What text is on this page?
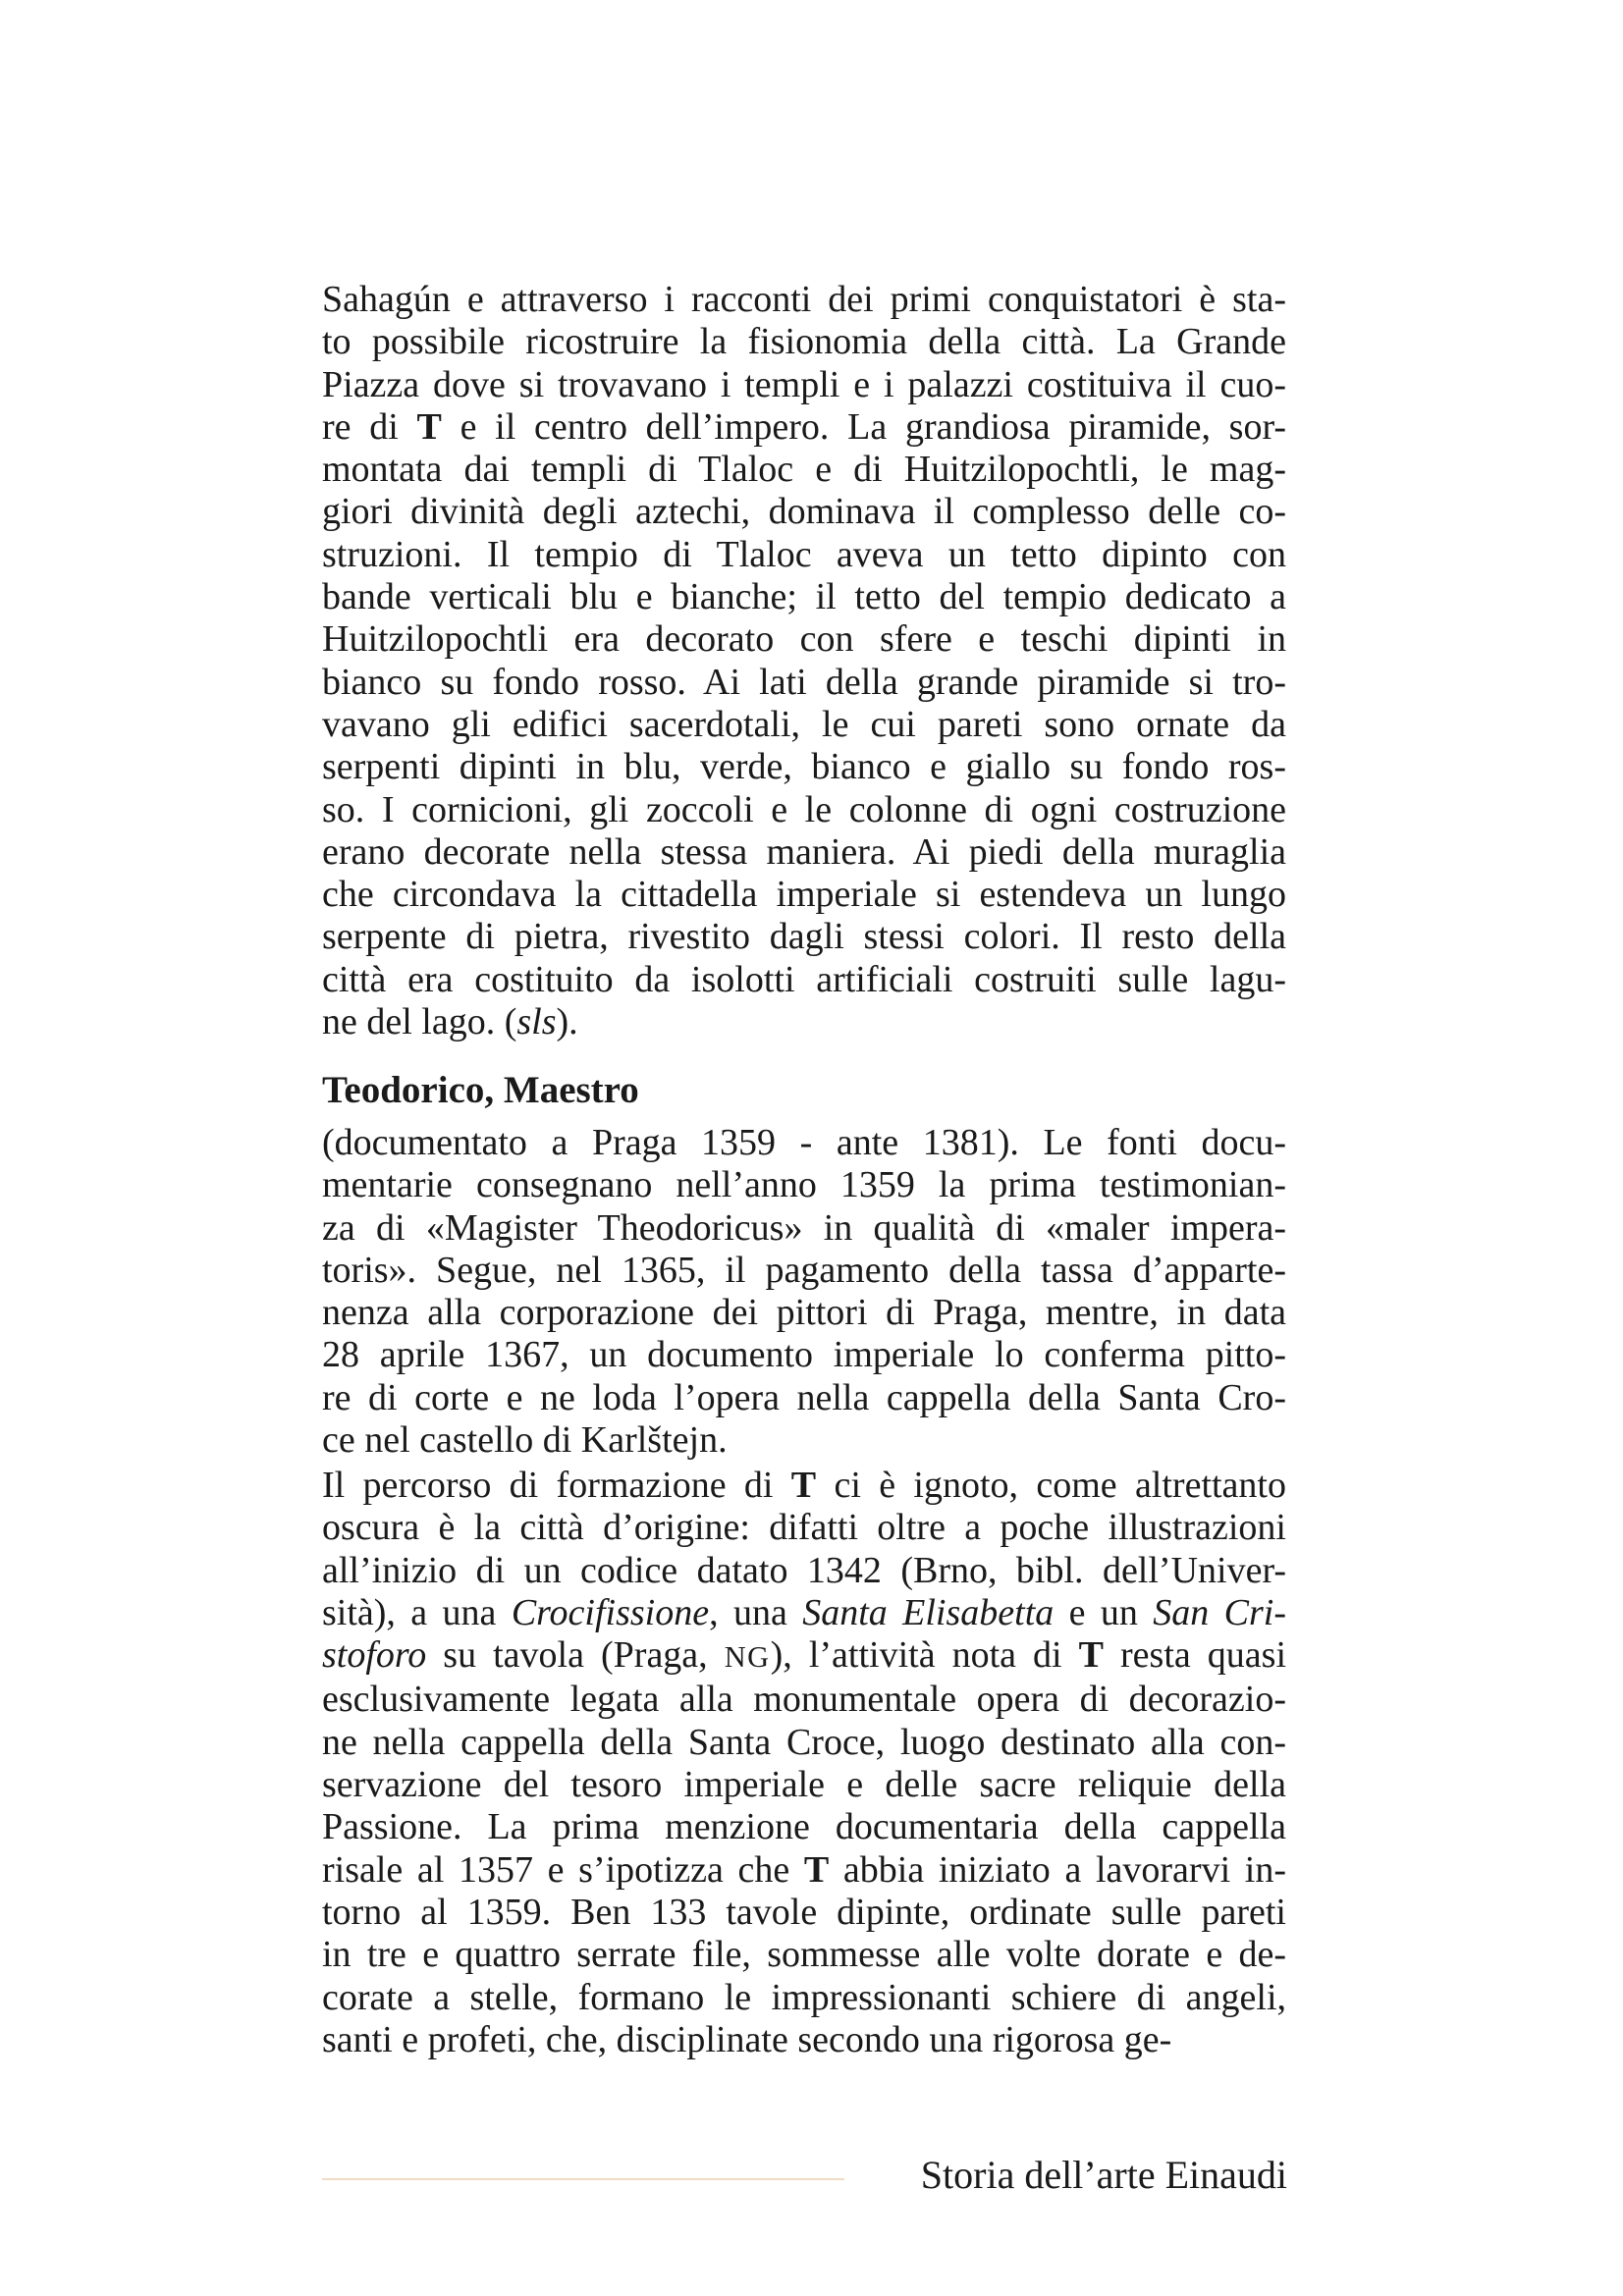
Sahagún e attraverso i racconti dei primi conquistatori è sta-
to possibile ricostruire la fisionomia della città. La Grande
Piazza dove si trovavano i templi e i palazzi costituiva il cuo-
re di T e il centro dell’impero. La grandiosa piramide, sor-
montata dai templi di Tlaloc e di Huitzilopochtli, le mag-
giori divinità degli aztechi, dominava il complesso delle co-
struzioni. Il tempio di Tlaloc aveva un tetto dipinto con
bande verticali blu e bianche; il tetto del tempio dedicato a
Huitzilopochtli era decorato con sfere e teschi dipinti in
bianco su fondo rosso. Ai lati della grande piramide si tro-
vavano gli edifici sacerdotali, le cui pareti sono ornate da
serpenti dipinti in blu, verde, bianco e giallo su fondo ros-
so. I cornicioni, gli zoccoli e le colonne di ogni costruzione
erano decorate nella stessa maniera. Ai piedi della muraglia
che circondava la cittadella imperiale si estendeva un lungo
serpente di pietra, rivestito dagli stessi colori. Il resto della
città era costituito da isolotti artificiali costruiti sulle lagu-
ne del lago. (sls).
Teodorico, Maestro
(documentato a Praga 1359 - ante 1381). Le fonti docu-
mentarie consegnano nell’anno 1359 la prima testimonian-
za di «Magister Theodoricus» in qualità di «maler impera-
toris». Segue, nel 1365, il pagamento della tassa d’apparte-
nenza alla corporazione dei pittori di Praga, mentre, in data
28 aprile 1367, un documento imperiale lo conferma pitto-
re di corte e ne loda l’opera nella cappella della Santa Cro-
ce nel castello di Karlštejn.
Il percorso di formazione di T ci è ignoto, come altrettanto
oscura è la città d’origine: difatti oltre a poche illustrazioni
all’inizio di un codice datato 1342 (Brno, bibl. dell’Univer-
sità), a una Crocifissione, una Santa Elisabetta e un San Cri-
stoforo su tavola (Praga, NG), l’attività nota di T resta quasi
esclusivamente legata alla monumentale opera di decorazio-
ne nella cappella della Santa Croce, luogo destinato alla con-
servazione del tesoro imperiale e delle sacre reliquie della
Passione. La prima menzione documentaria della cappella
risale al 1357 e s’ipotizza che T abbia iniziato a lavorarvi in-
torno al 1359. Ben 133 tavole dipinte, ordinate sulle pareti
in tre e quattro serrate file, sommesse alle volte dorate e de-
corate a stelle, formano le impressionanti schiere di angeli,
santi e profeti, che, disciplinate secondo una rigorosa ge-
Storia dell’arte Einaudi
